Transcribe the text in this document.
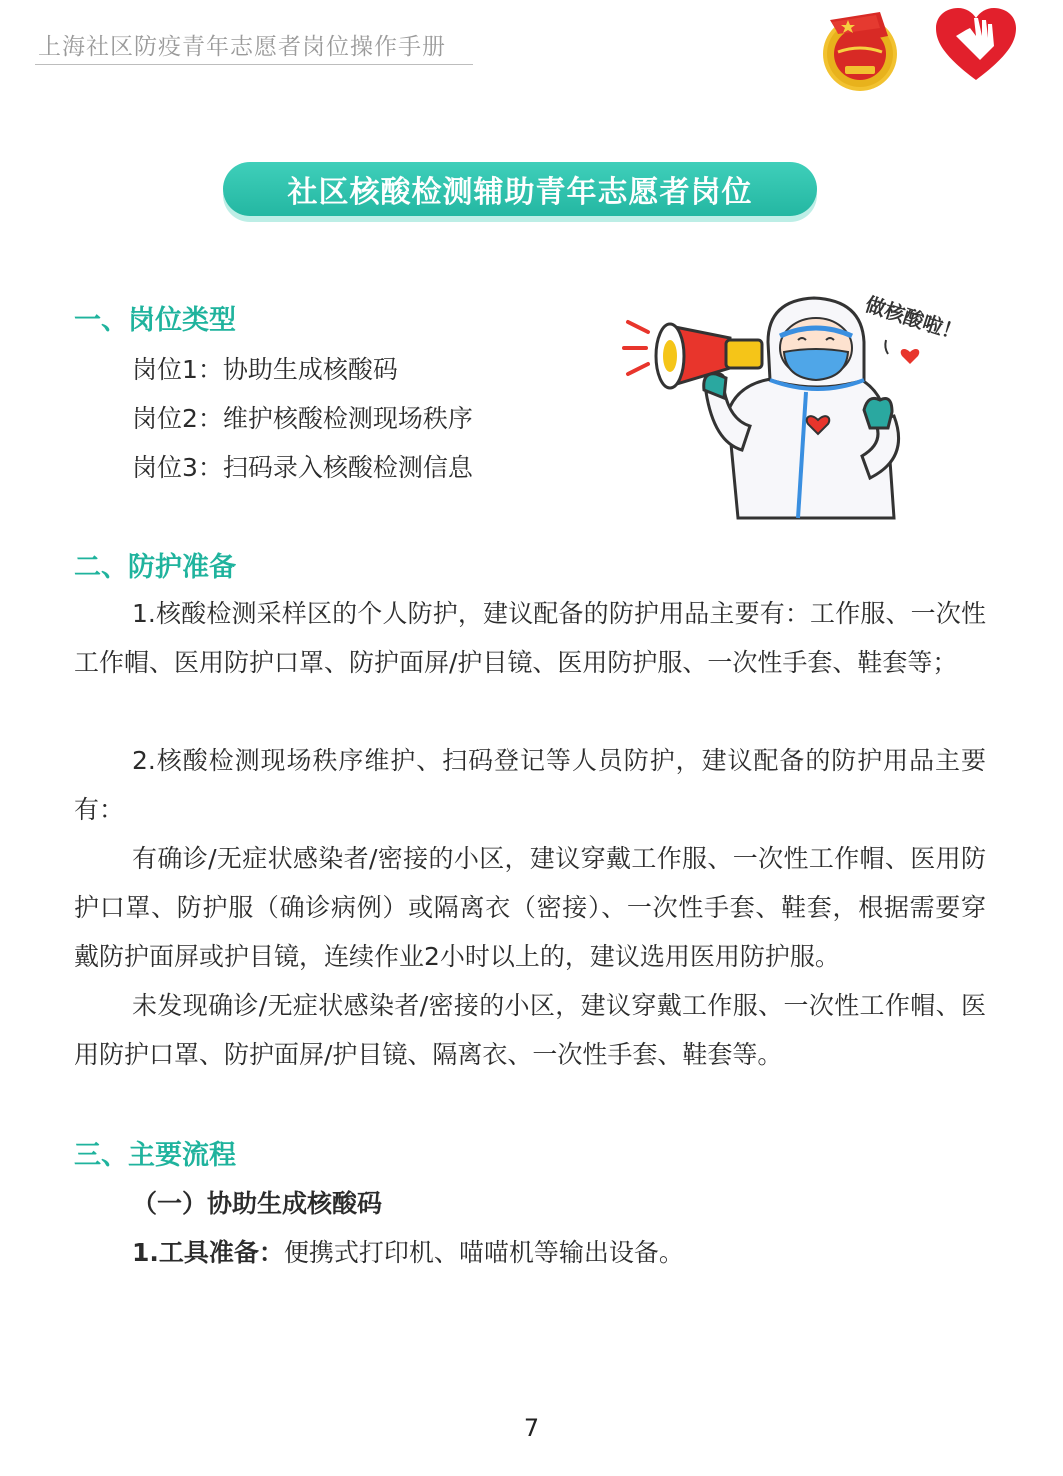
上海社区防疫青年志愿者岗位操作手册
社区核酸检测辅助青年志愿者岗位
做核酸啦！
一、岗位类型
岗位1：协助生成核酸码
岗位2：维护核酸检测现场秩序
岗位3：扫码录入核酸检测信息
二、防护准备
1.核酸检测采样区的个人防护，建议配备的防护用品主要有：工作服、一次性工作帽、医用防护口罩、防护面屏/护目镜、医用防护服、一次性手套、鞋套等；
2.核酸检测现场秩序维护、扫码登记等人员防护，建议配备的防护用品主要有：
有确诊/无症状感染者/密接的小区，建议穿戴工作服、一次性工作帽、医用防护口罩、防护服（确诊病例）或隔离衣（密接）、一次性手套、鞋套，根据需要穿戴防护面屏或护目镜，连续作业2小时以上的，建议选用医用防护服。
未发现确诊/无症状感染者/密接的小区，建议穿戴工作服、一次性工作帽、医用防护口罩、防护面屏/护目镜、隔离衣、一次性手套、鞋套等。
三、主要流程
（一）协助生成核酸码
1.工具准备：便携式打印机、喵喵机等输出设备。
7
